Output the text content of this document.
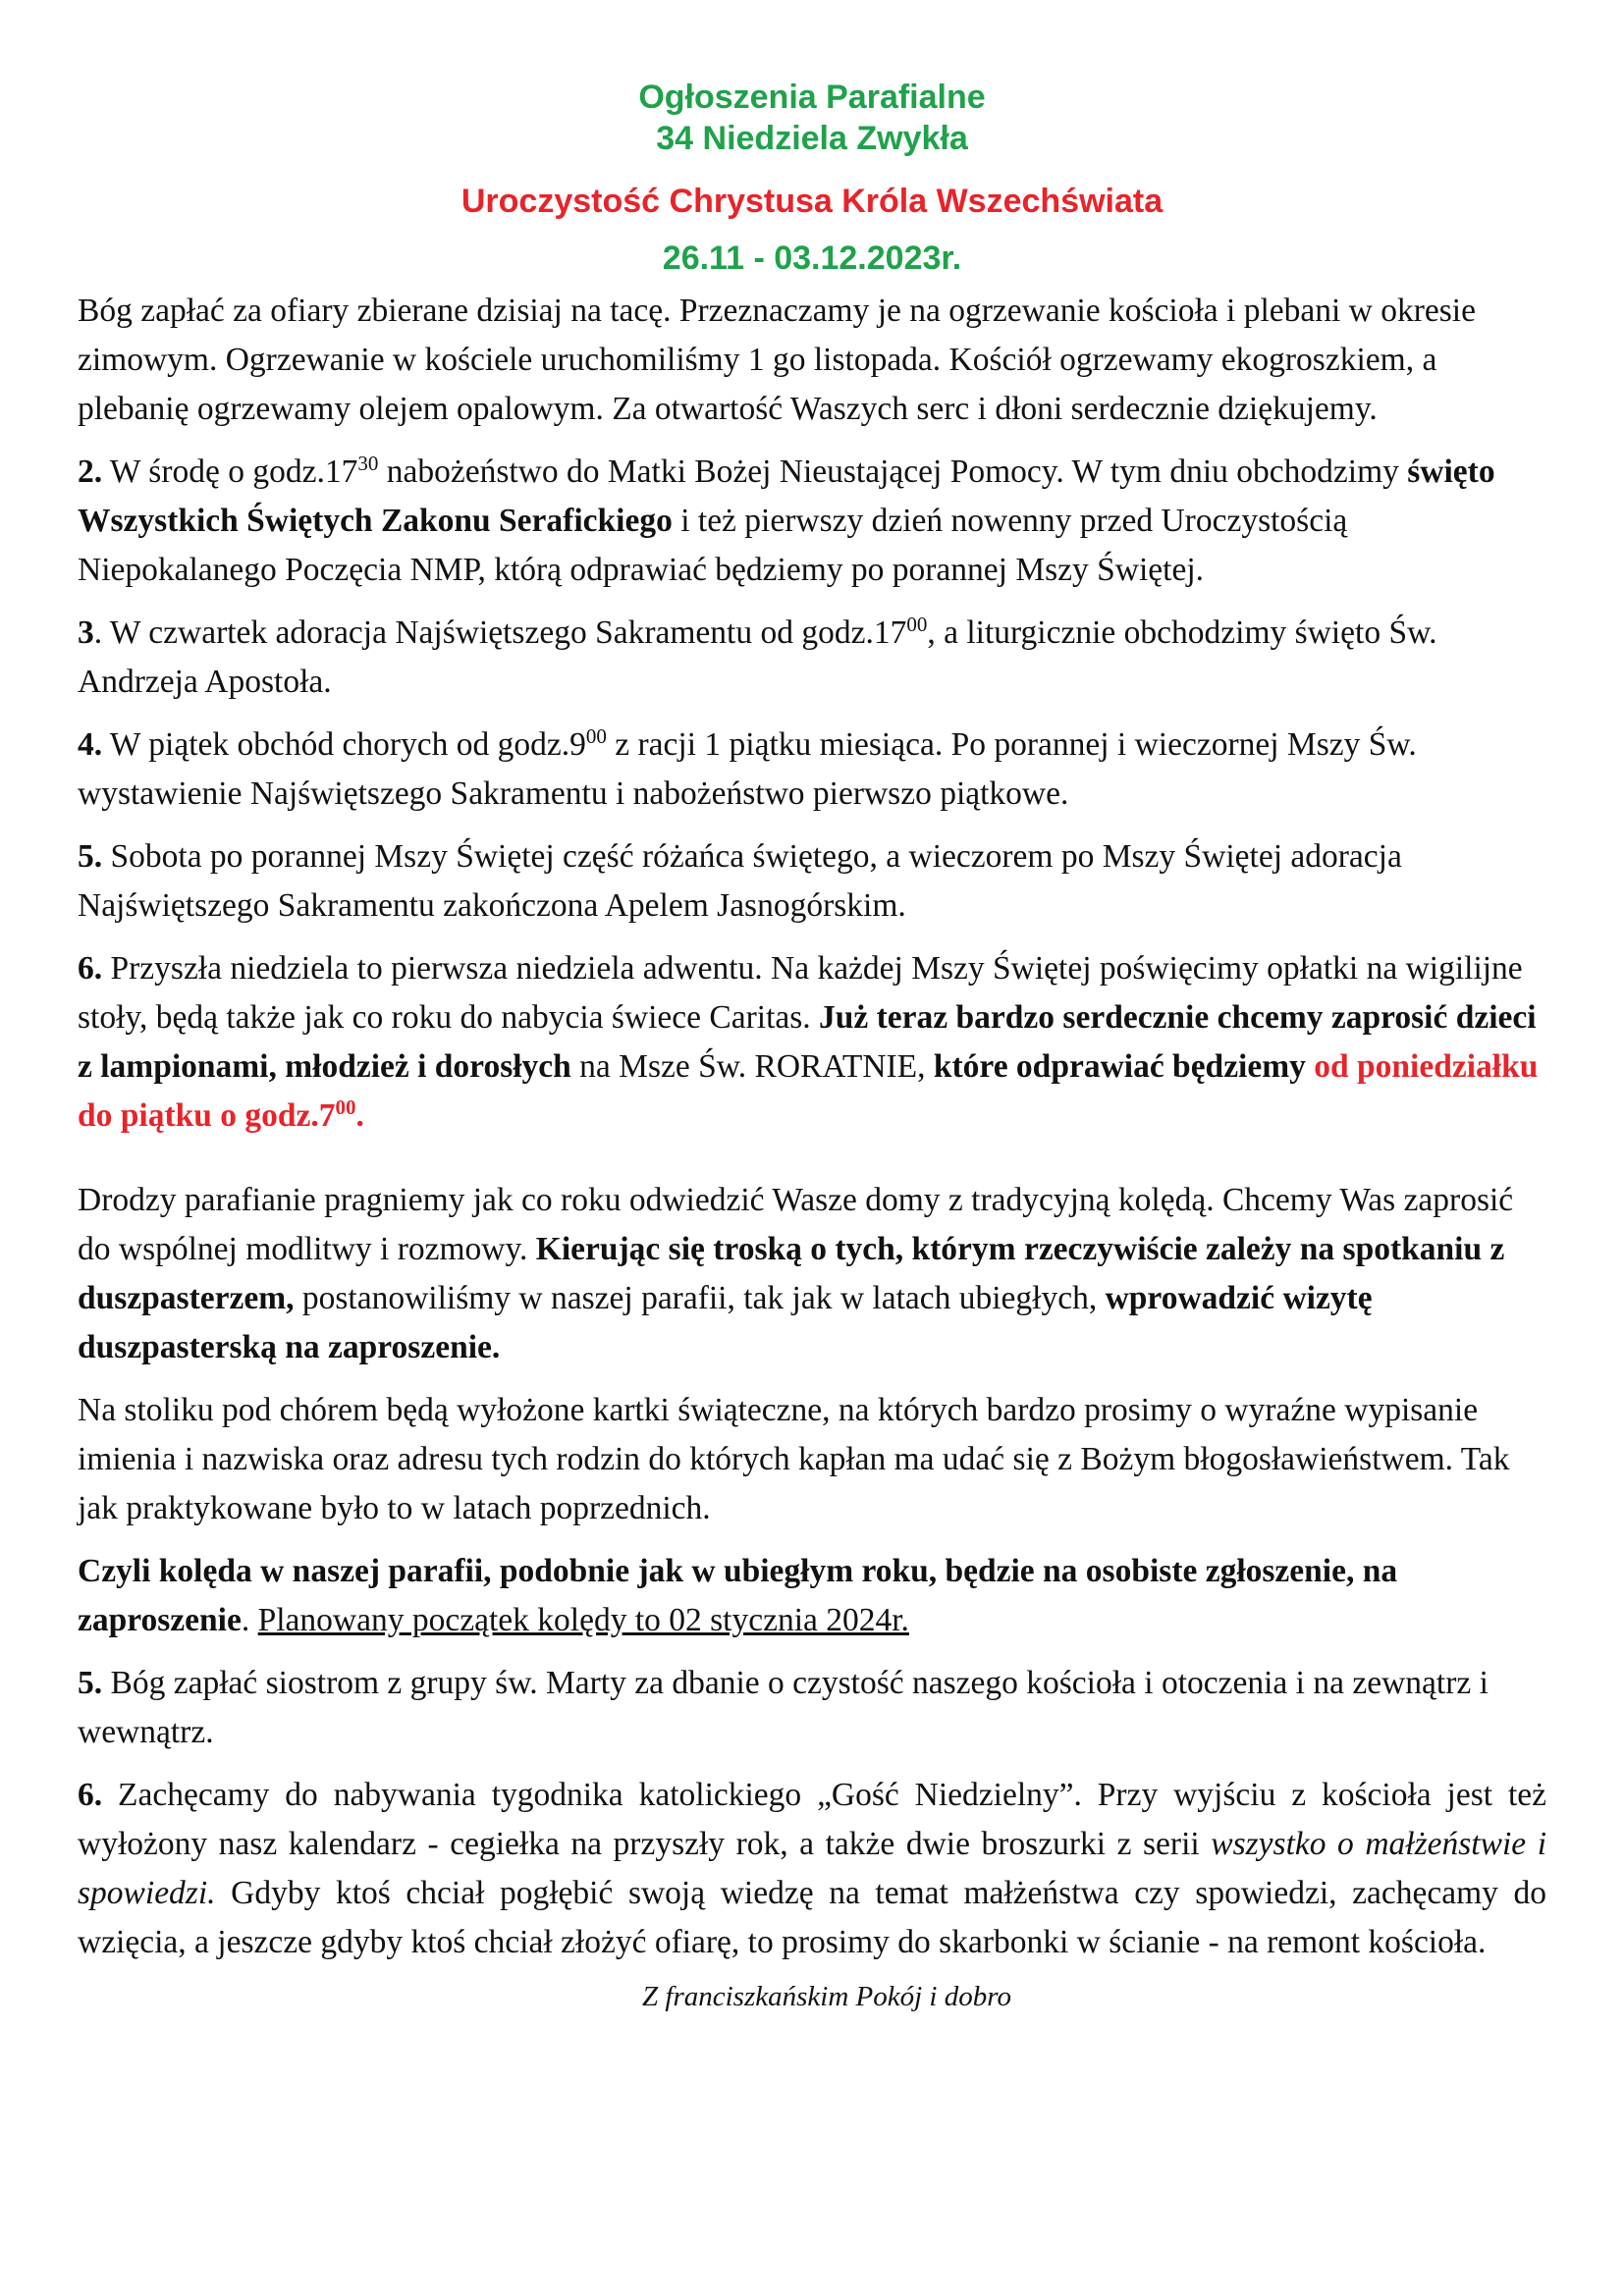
Ogłoszenia Parafialne
34 Niedziela Zwykła
Uroczystość Chrystusa Króla Wszechświata
26.11 - 03.12.2023r.

Bóg zapłać za ofiary zbierane dzisiaj na tacę. Przeznaczamy je na ogrzewanie kościoła i plebani w okresie zimowym. Ogrzewanie w kościele uruchomiliśmy 1 go listopada. Kościół ogrzewamy ekogroszkiem, a plebanię ogrzewamy olejem opalowym. Za otwartość Waszych serc i dłoni serdecznie dziękujemy.

2. W środę o $godz.17^{30}$ nabożeństwo do Matki Bożej Nieustającej Pomocy. W tym dniu obchodzimy święto Wszystkich Świętych Zakonu Serafickiego i też pierwszy dzień nowenny przed Uroczystością Niepokalanego Poczęcia NMP, którą odprawiać będziemy po porannej Mszy Świętej.

3. W czwartek adoracja Najświętszego Sakramentu od $godz.17^{00}$, a liturgicznie obchodzimy święto Św. Andrzeja Apostoła.

4. W piątek obchód chorych od $godz.9^{00}$ z racji 1 piątku miesiąca. Po porannej i wieczornej Mszy Św. wystawienie Najświętszego Sakramentu i nabożeństwo pierwszo piątkowe.

5. Sobota po porannej Mszy Świętej część różańca świętego, a wieczorem po Mszy Świętej adoracja Najświętszego Sakramentu zakończona Apelem Jasnogórskim.

6. Przyszła niedziela to pierwsza niedziela adwentu. Na każdej Mszy Świętej poświęcimy opłatki na wigilijne stoły, będą także jak co roku do nabycia świece Caritas. Już teraz bardzo serdecznie chcemy zaprosić dzieci z lampionami, młodzież i dorosłych na Msze Św. RORATNIE, które odprawiać będziemy od poniedziałku do piątku o $godz.7^{00}$.

Drodzy parafianie pragniemy jak co roku odwiedzić Wasze domy z tradycyjną kolędą. Chcemy Was zaprosić do wspólnej modlitwy i rozmowy. Kierując się troską o tych, którym rzeczywiście zależy na spotkaniu z duszpasterzem, postanowiliśmy w naszej parafii, tak jak w latach ubiegłych, wprowadzić wizytę duszpasterską na zaproszenie.

Na stoliku pod chórem będą wyłożone kartki świąteczne, na których bardzo prosimy o wyraźne wypisanie imienia i nazwiska oraz adresu tych rodzin do których kapłan ma udać się z Bożym błogosławieństwem. Tak jak praktykowane było to w latach poprzednich.

Czyli kolęda w naszej parafii, podobnie jak w ubiegłym roku, będzie na osobiste zgłoszenie, na zaproszenie. Planowany początek kolędy to 02 stycznia 2024r.

5. Bóg zapłać siostrom z grupy św. Marty za dbanie o czystość naszego kościoła i otoczenia i na zewnątrz i wewnątrz.

6. Zachęcamy do nabywania tygodnika katolickiego „Gość Niedzielny”. Przy wyjściu z kościoła jest też wyłożony nasz kalendarz - cegiełka na przyszły rok, a także dwie broszurki z serii wszystko o małżeństwie i spowiedzi. Gdyby ktoś chciał pogłębić swoją wiedzę na temat małżeństwa czy spowiedzi, zachęcamy do wzięcia, a jeszcze gdyby ktoś chciał złożyć ofiarę, to prosimy do skarbonki w ścianie - na remont kościoła.

Z franciszkańskim Pokój i dobro
